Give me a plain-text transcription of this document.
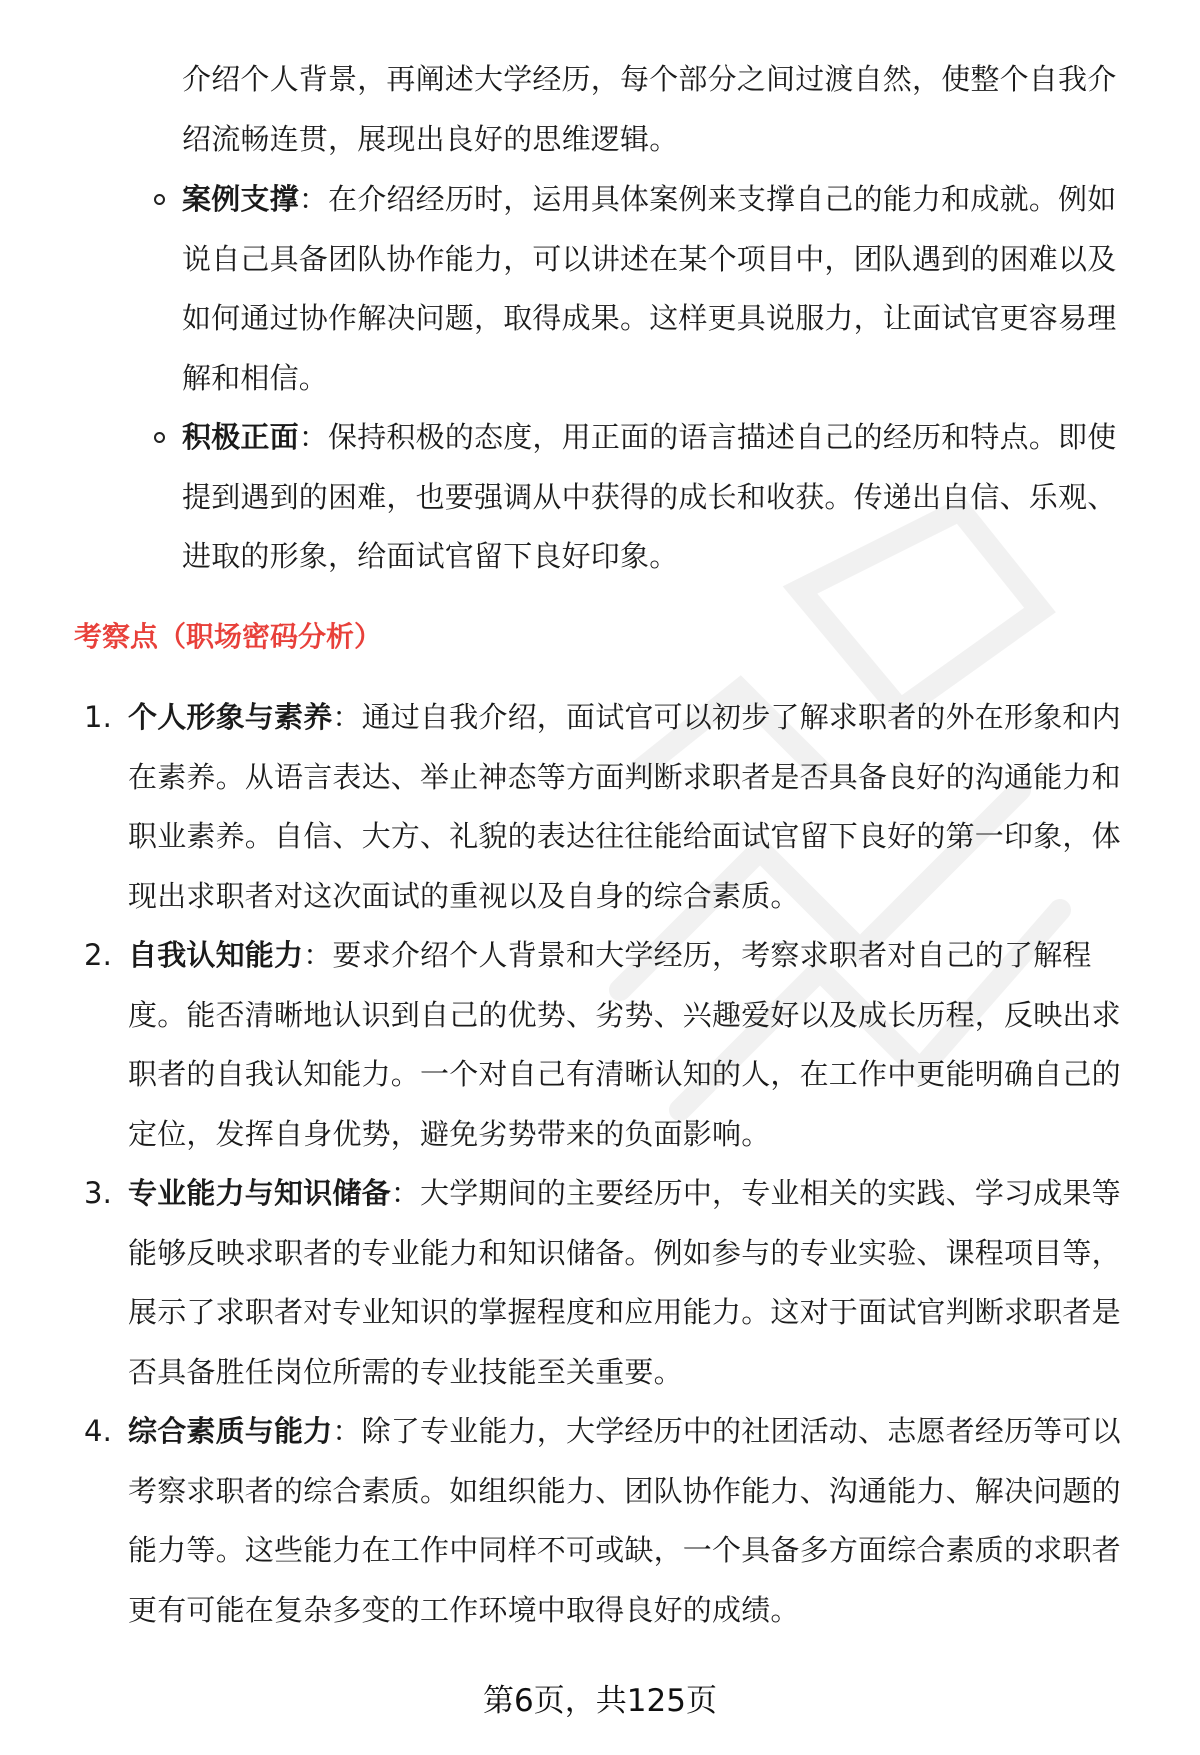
介绍个人背景，再阐述大学经历，每个部分之间过渡自然，使整个自我介绍流畅连贯，展现出良好的思维逻辑。

案例支撑：在介绍经历时，运用具体案例来支撑自己的能力和成就。例如说自己具备团队协作能力，可以讲述在某个项目中，团队遇到的困难以及如何通过协作解决问题，取得成果。这样更具说服力，让面试官更容易理解和相信。
积极正面：保持积极的态度，用正面的语言描述自己的经历和特点。即使提到遇到的困难，也要强调从中获得的成长和收获。传递出自信、乐观、进取的形象，给面试官留下良好印象。
考察点（职场密码分析）
1. 个人形象与素养：通过自我介绍，面试官可以初步了解求职者的外在形象和内在素养。从语言表达、举止神态等方面判断求职者是否具备良好的沟通能力和职业素养。自信、大方、礼貌的表达往往能给面试官留下良好的第一印象，体现出求职者对这次面试的重视以及自身的综合素质。
2. 自我认知能力：要求介绍个人背景和大学经历，考察求职者对自己的了解程度。能否清晰地认识到自己的优势、劣势、兴趣爱好以及成长历程，反映出求职者的自我认知能力。一个对自己有清晰认知的人，在工作中更能明确自己的定位，发挥自身优势，避免劣势带来的负面影响。
3. 专业能力与知识储备：大学期间的主要经历中，专业相关的实践、学习成果等能够反映求职者的专业能力和知识储备。例如参与的专业实验、课程项目等，展示了求职者对专业知识的掌握程度和应用能力。这对于面试官判断求职者是否具备胜任岗位所需的专业技能至关重要。
4. 综合素质与能力：除了专业能力，大学经历中的社团活动、志愿者经历等可以考察求职者的综合素质。如组织能力、团队协作能力、沟通能力、解决问题的能力等。这些能力在工作中同样不可或缺，一个具备多方面综合素质的求职者更有可能在复杂多变的工作环境中取得良好的成绩。
第6页，共125页
